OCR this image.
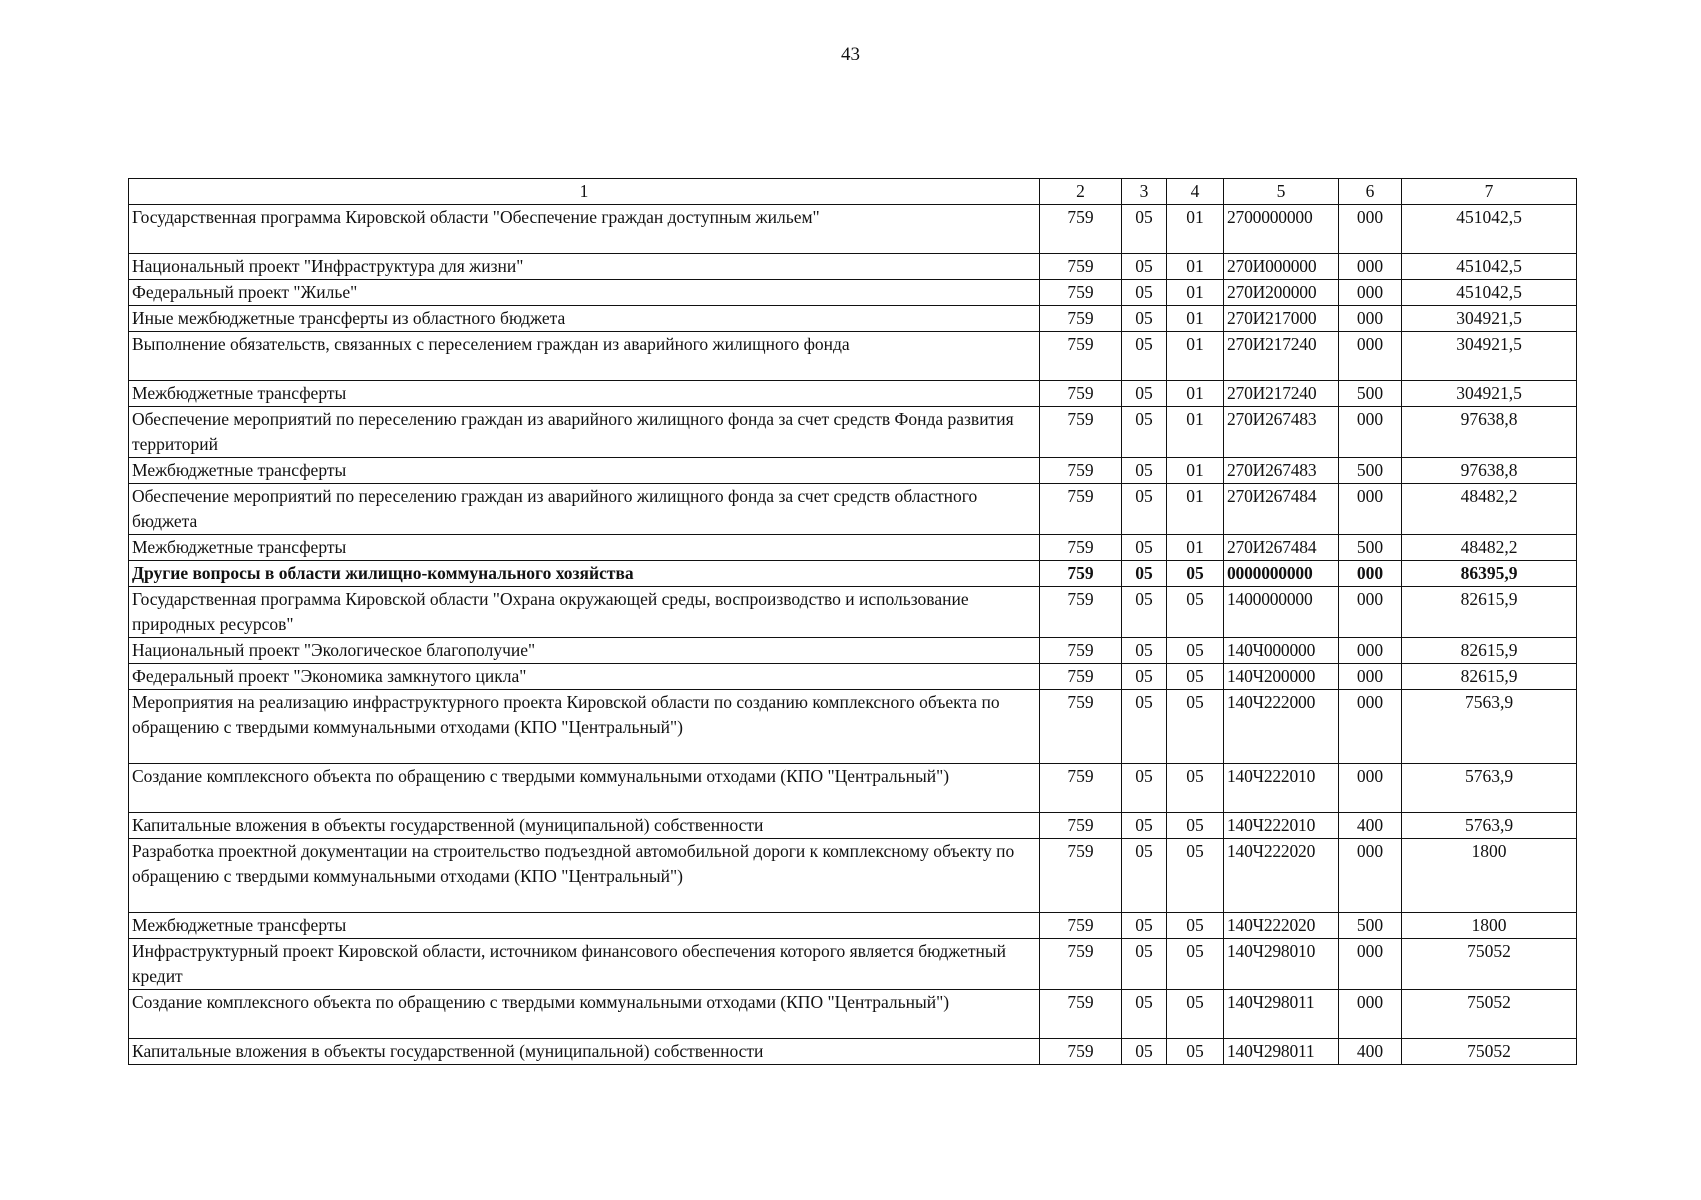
43
1	2	3	4	5	6	7
Государственная программа Кировской области "Обеспечение граждан доступным жильем"	759	05	01	2700000000	000	451042,5
Национальный проект "Инфраструктура для жизни"	759	05	01	270И000000	000	451042,5
Федеральный проект "Жилье"	759	05	01	270И200000	000	451042,5
Иные межбюджетные трансферты из областного бюджета	759	05	01	270И217000	000	304921,5
Выполнение обязательств, связанных с переселением граждан из аварийного жилищного фонда	759	05	01	270И217240	000	304921,5
Межбюджетные трансферты	759	05	01	270И217240	500	304921,5
Обеспечение мероприятий по переселению граждан из аварийного жилищного фонда за счет средств Фонда развития территорий	759	05	01	270И267483	000	97638,8
Межбюджетные трансферты	759	05	01	270И267483	500	97638,8
Обеспечение мероприятий по переселению граждан из аварийного жилищного фонда за счет средств областного бюджета	759	05	01	270И267484	000	48482,2
Межбюджетные трансферты	759	05	01	270И267484	500	48482,2
Другие вопросы в области жилищно-коммунального хозяйства	759	05	05	0000000000	000	86395,9
Государственная программа Кировской области "Охрана окружающей среды, воспроизводство и использование природных ресурсов"	759	05	05	1400000000	000	82615,9
Национальный проект "Экологическое благополучие"	759	05	05	140Ч000000	000	82615,9
Федеральный проект "Экономика замкнутого цикла"	759	05	05	140Ч200000	000	82615,9
Мероприятия на реализацию инфраструктурного проекта Кировской области по созданию комплексного объекта по обращению с твердыми коммунальными отходами (КПО "Центральный")	759	05	05	140Ч222000	000	7563,9
Создание комплексного объекта по обращению с твердыми коммунальными отходами (КПО "Центральный")	759	05	05	140Ч222010	000	5763,9
Капитальные вложения в объекты государственной (муниципальной) собственности	759	05	05	140Ч222010	400	5763,9
Разработка проектной документации на строительство подъездной автомобильной дороги к комплексному объекту по обращению с твердыми коммунальными отходами (КПО "Центральный")	759	05	05	140Ч222020	000	1800
Межбюджетные трансферты	759	05	05	140Ч222020	500	1800
Инфраструктурный проект Кировской области, источником финансового обеспечения которого является бюджетный кредит	759	05	05	140Ч298010	000	75052
Создание комплексного объекта по обращению с твердыми коммунальными отходами (КПО "Центральный")	759	05	05	140Ч298011	000	75052
Капитальные вложения в объекты государственной (муниципальной) собственности	759	05	05	140Ч298011	400	75052
